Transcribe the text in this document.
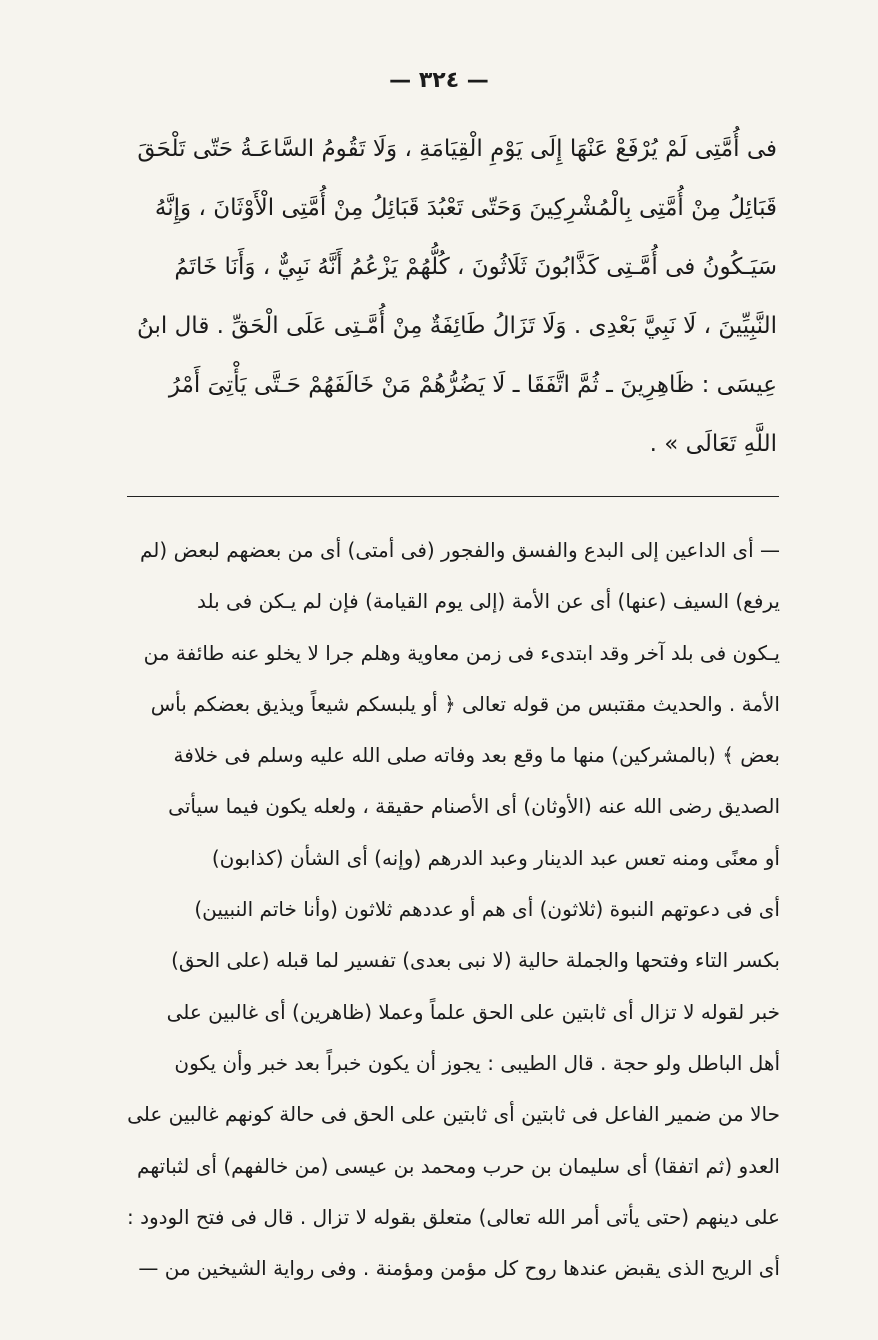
— ٣٢٤ —
فى أُمَّتِى لَمْ يُرْفَعْ عَنْهَا إِلَى يَوْمِ الْقِيَامَةِ ، وَلَا تَقُومُ السَّاعَـةُ حَتّى تَلْحَقَ
قَبَائِلُ مِنْ أُمَّتِى بِالْمُشْرِكِينَ وَحَتّى تَعْبُدَ قَبَائِلُ مِنْ أُمَّتِى الْأَوْثَانَ ، وَإِنَّهُ
سَيَـكُونُ فى أُمَّـتِى كَذَّابُونَ ثَلَاثُونَ ، كُلُّهُمْ يَزْعُمُ أَنَّهُ نَبِيٌّ ، وَأَنَا خَاتَمُ
النَّبِيِّينَ ، لَا نَبِيَّ بَعْدِى . وَلَا تَزَالُ طَائِفَةٌ مِنْ أُمَّـتِى عَلَى الْحَقِّ . قال ابنُ
عِيسَى : ظَاهِرِينَ ـ ثُمَّ اتَّفَقَا ـ لَا يَضُرُّهُمْ مَنْ خَالَفَهُمْ حَـتَّى يَأْتِىَ أَمْرُ
اللَّهِ تَعَالَى » .
— أى الداعين إلى البدع والفسق والفجور (فى أمتى) أى من بعضهم لبعض (لم
يرفع) السيف (عنها) أى عن الأمة (إلى يوم القيامة) فإن لم يـكن فى بلد
يـكون فى بلد آخر وقد ابتدىء فى زمن معاوية وهلم جرا لا يخلو عنه طائفة من
الأمة . والحديث مقتبس من قوله تعالى ﴿ أو يلبسكم شيعاً ويذيق بعضكم بأس
بعض ﴾ (بالمشركين) منها ما وقع بعد وفاته صلى الله عليه وسلم فى خلافة
الصديق رضى الله عنه (الأوثان) أى الأصنام حقيقة ، ولعله يكون فيما سيأتى
أو معنًى ومنه تعس عبد الدينار وعبد الدرهم (وإنه) أى الشأن (كذابون)
أى فى دعوتهم النبوة (ثلاثون) أى هم أو عددهم ثلاثون (وأنا خاتم النبيين)
بكسر التاء وفتحها والجملة حالية (لا نبى بعدى) تفسير لما قبله (على الحق)
خبر لقوله لا تزال أى ثابتين على الحق علماً وعملا (ظاهرين) أى غالبين على
أهل الباطل ولو حجة . قال الطيبى : يجوز أن يكون خبراً بعد خبر وأن يكون
حالا من ضمير الفاعل فى ثابتين أى ثابتين على الحق فى حالة كونهم غالبين على
العدو (ثم اتفقا) أى سليمان بن حرب ومحمد بن عيسى (من خالفهم) أى لثباتهم
على دينهم (حتى يأتى أمر الله تعالى) متعلق بقوله لا تزال . قال فى فتح الودود :
أى الريح الذى يقبض عندها روح كل مؤمن ومؤمنة . وفى رواية الشيخين من —
